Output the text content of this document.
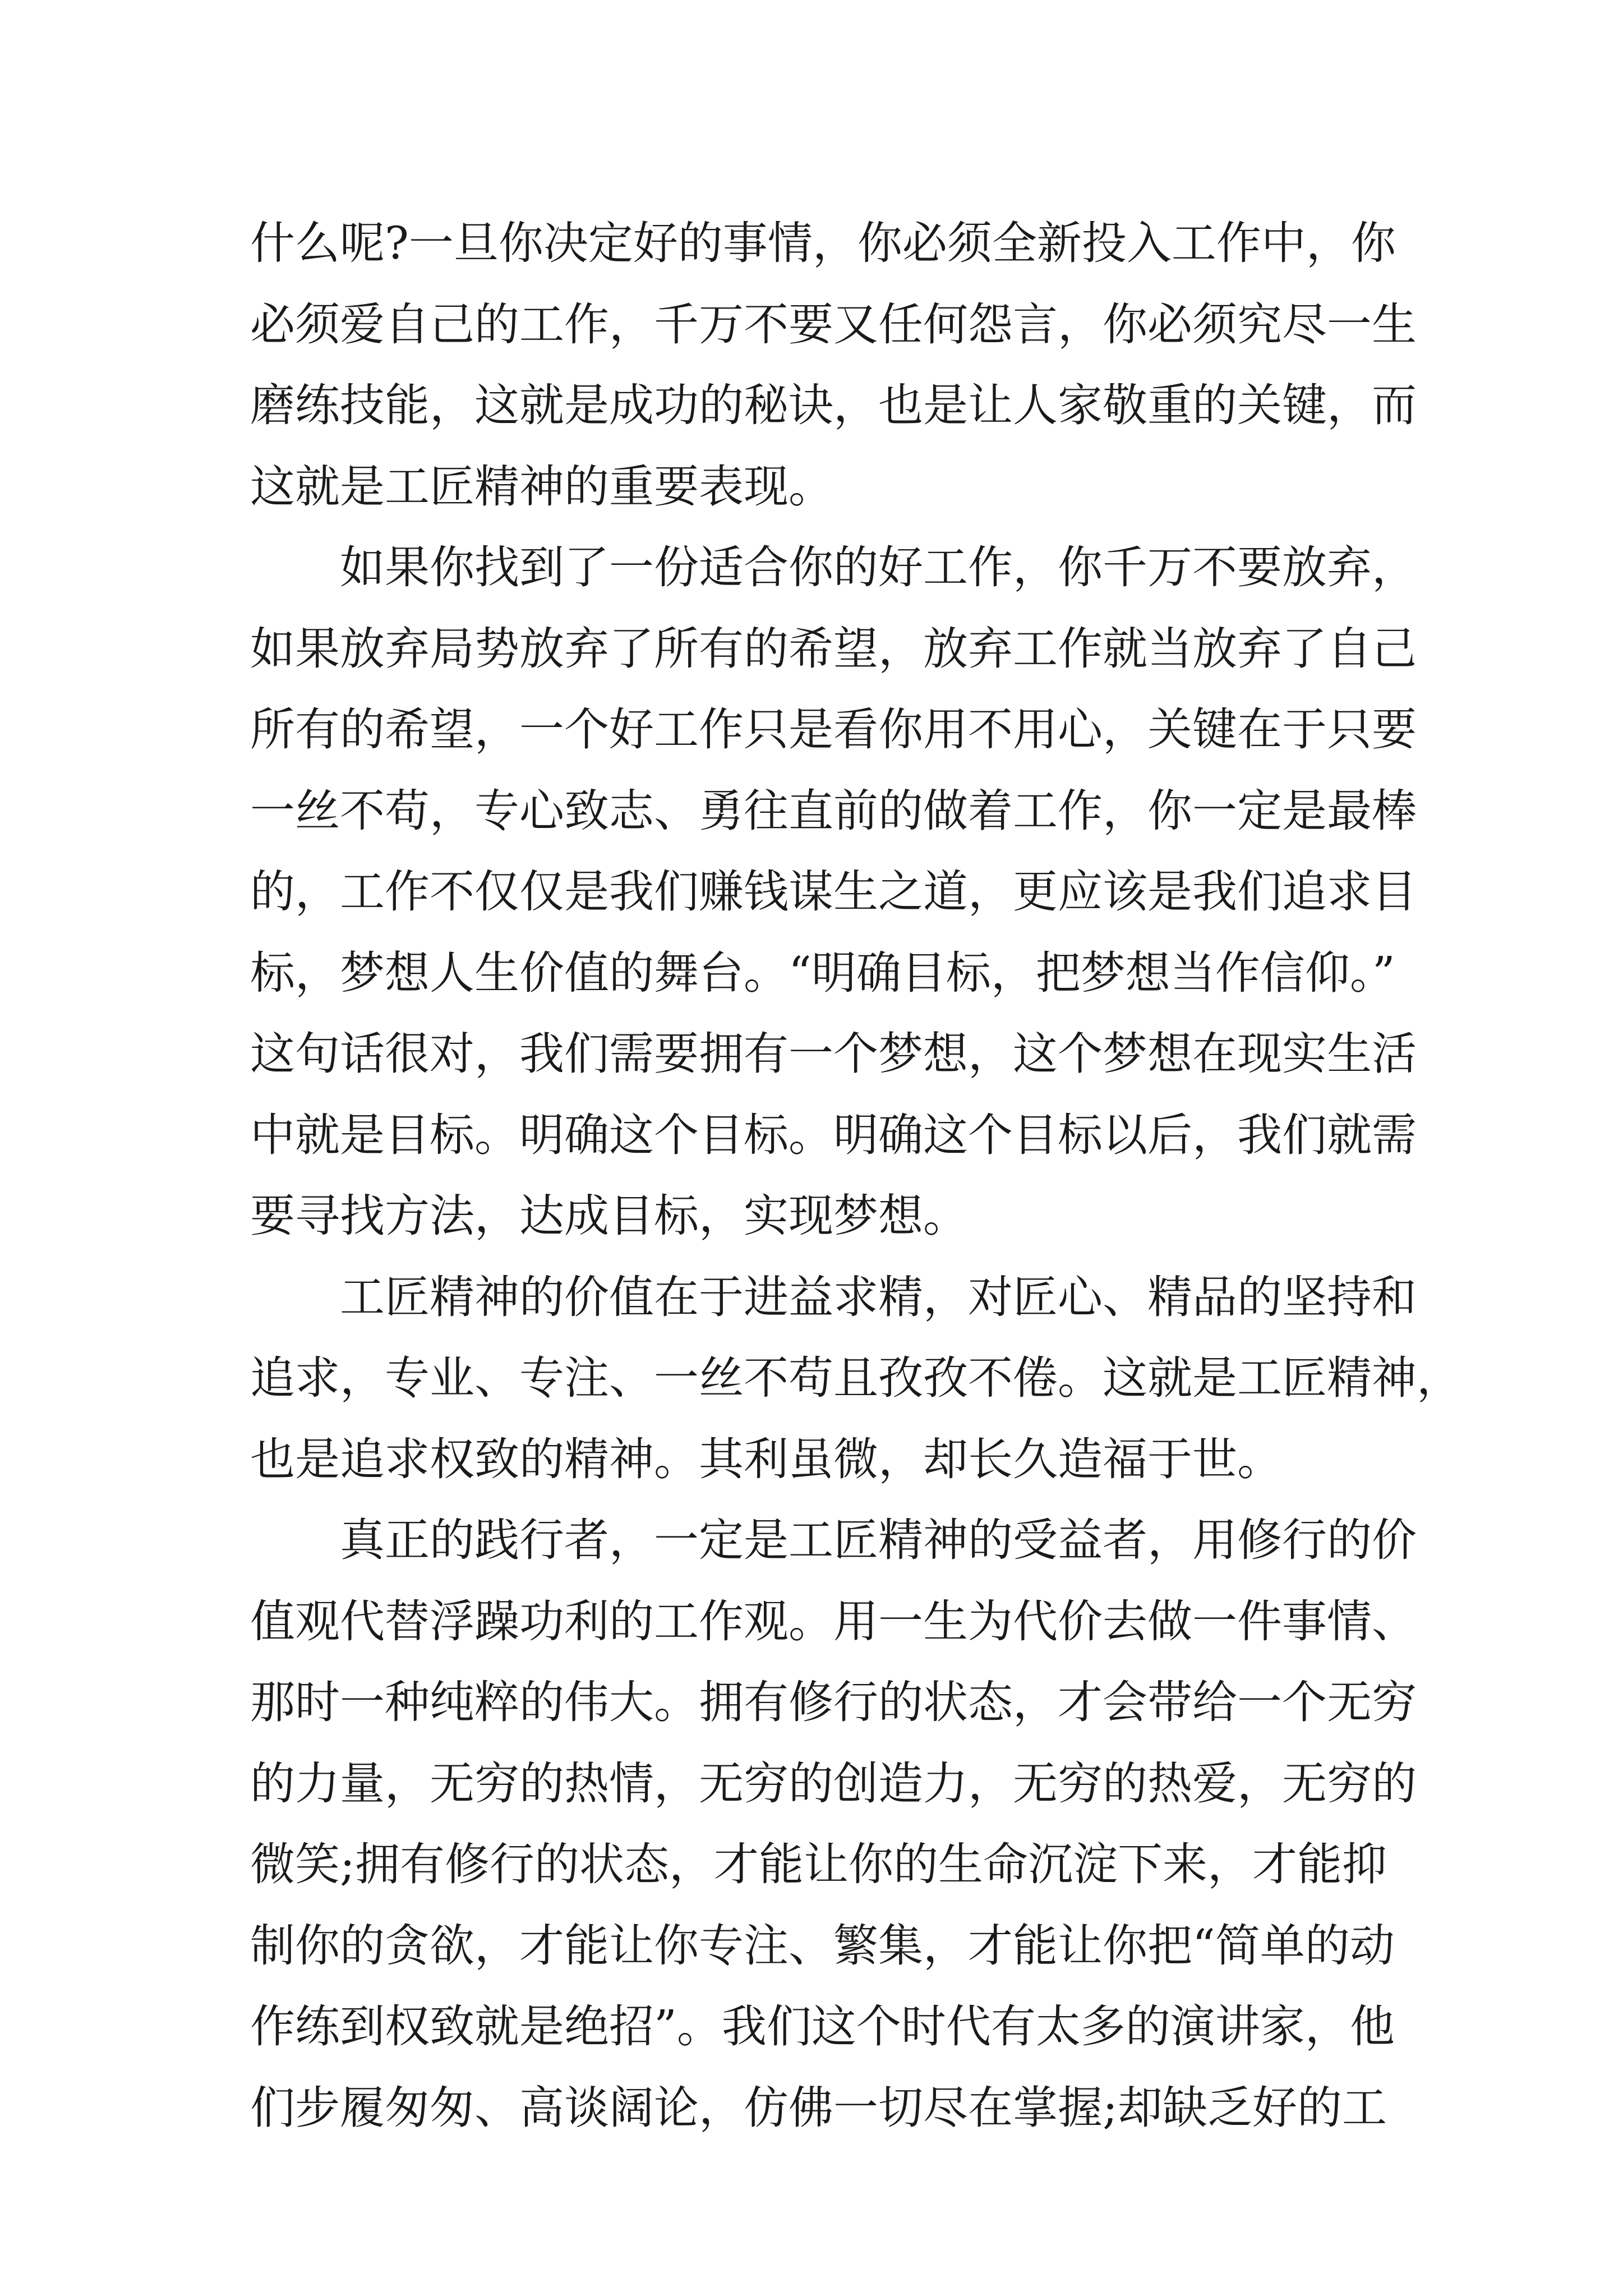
什么呢?一旦你决定好的事情，你必须全新投入工作中，你
必须爱自己的工作，千万不要又任何怨言，你必须究尽一生
磨练技能，这就是成功的秘诀，也是让人家敬重的关键，而
这就是工匠精神的重要表现。
如果你找到了一份适合你的好工作，你千万不要放弃，
如果放弃局势放弃了所有的希望，放弃工作就当放弃了自己
所有的希望，一个好工作只是看你用不用心，关键在于只要
一丝不苟，专心致志、勇往直前的做着工作，你一定是最棒
的，工作不仅仅是我们赚钱谋生之道，更应该是我们追求目
标，梦想人生价值的舞台。“明确目标，把梦想当作信仰。”
这句话很对，我们需要拥有一个梦想，这个梦想在现实生活
中就是目标。明确这个目标。明确这个目标以后，我们就需
要寻找方法，达成目标，实现梦想。
工匠精神的价值在于进益求精，对匠心、精品的坚持和
追求，专业、专注、一丝不苟且孜孜不倦。这就是工匠精神，
也是追求权致的精神。其利虽微，却长久造福于世。
真正的践行者，一定是工匠精神的受益者，用修行的价
值观代替浮躁功利的工作观。用一生为代价去做一件事情、
那时一种纯粹的伟大。拥有修行的状态，才会带给一个无穷
的力量，无穷的热情，无穷的创造力，无穷的热爱，无穷的
微笑;拥有修行的状态，才能让你的生命沉淀下来，才能抑
制你的贪欲，才能让你专注、繁集，才能让你把“简单的动
作练到权致就是绝招”。我们这个时代有太多的演讲家，他
们步履匆匆、高谈阔论，仿佛一切尽在掌握;却缺乏好的工
